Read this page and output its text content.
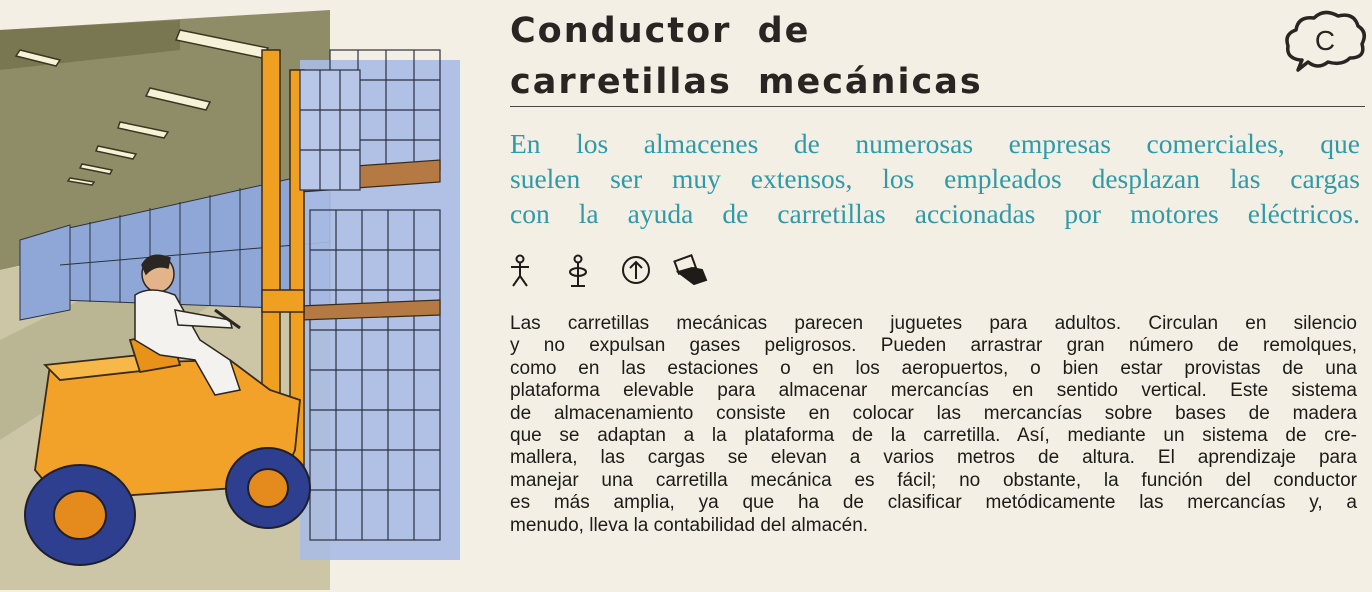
Conductor de
carretillas mecánicas
C

En los almacenes de numerosas empresas comerciales, que
suelen ser muy extensos, los empleados desplazan las cargas
con la ayuda de carretillas accionadas por motores eléctricos.

Las carretillas mecánicas parecen juguetes para adultos. Circulan en silencio
y no expulsan gases peligrosos. Pueden arrastrar gran número de remolques,
como en las estaciones o en los aeropuertos, o bien estar provistas de una
plataforma elevable para almacenar mercancías en sentido vertical. Este sistema
de almacenamiento consiste en colocar las mercancías sobre bases de madera
que se adaptan a la plataforma de la carretilla. Así, mediante un sistema de cre-
mallera, las cargas se elevan a varios metros de altura. El aprendizaje para
manejar una carretilla mecánica es fácil; no obstante, la función del conductor
es más amplia, ya que ha de clasificar metódicamente las mercancías y, a
menudo, lleva la contabilidad del almacén.
